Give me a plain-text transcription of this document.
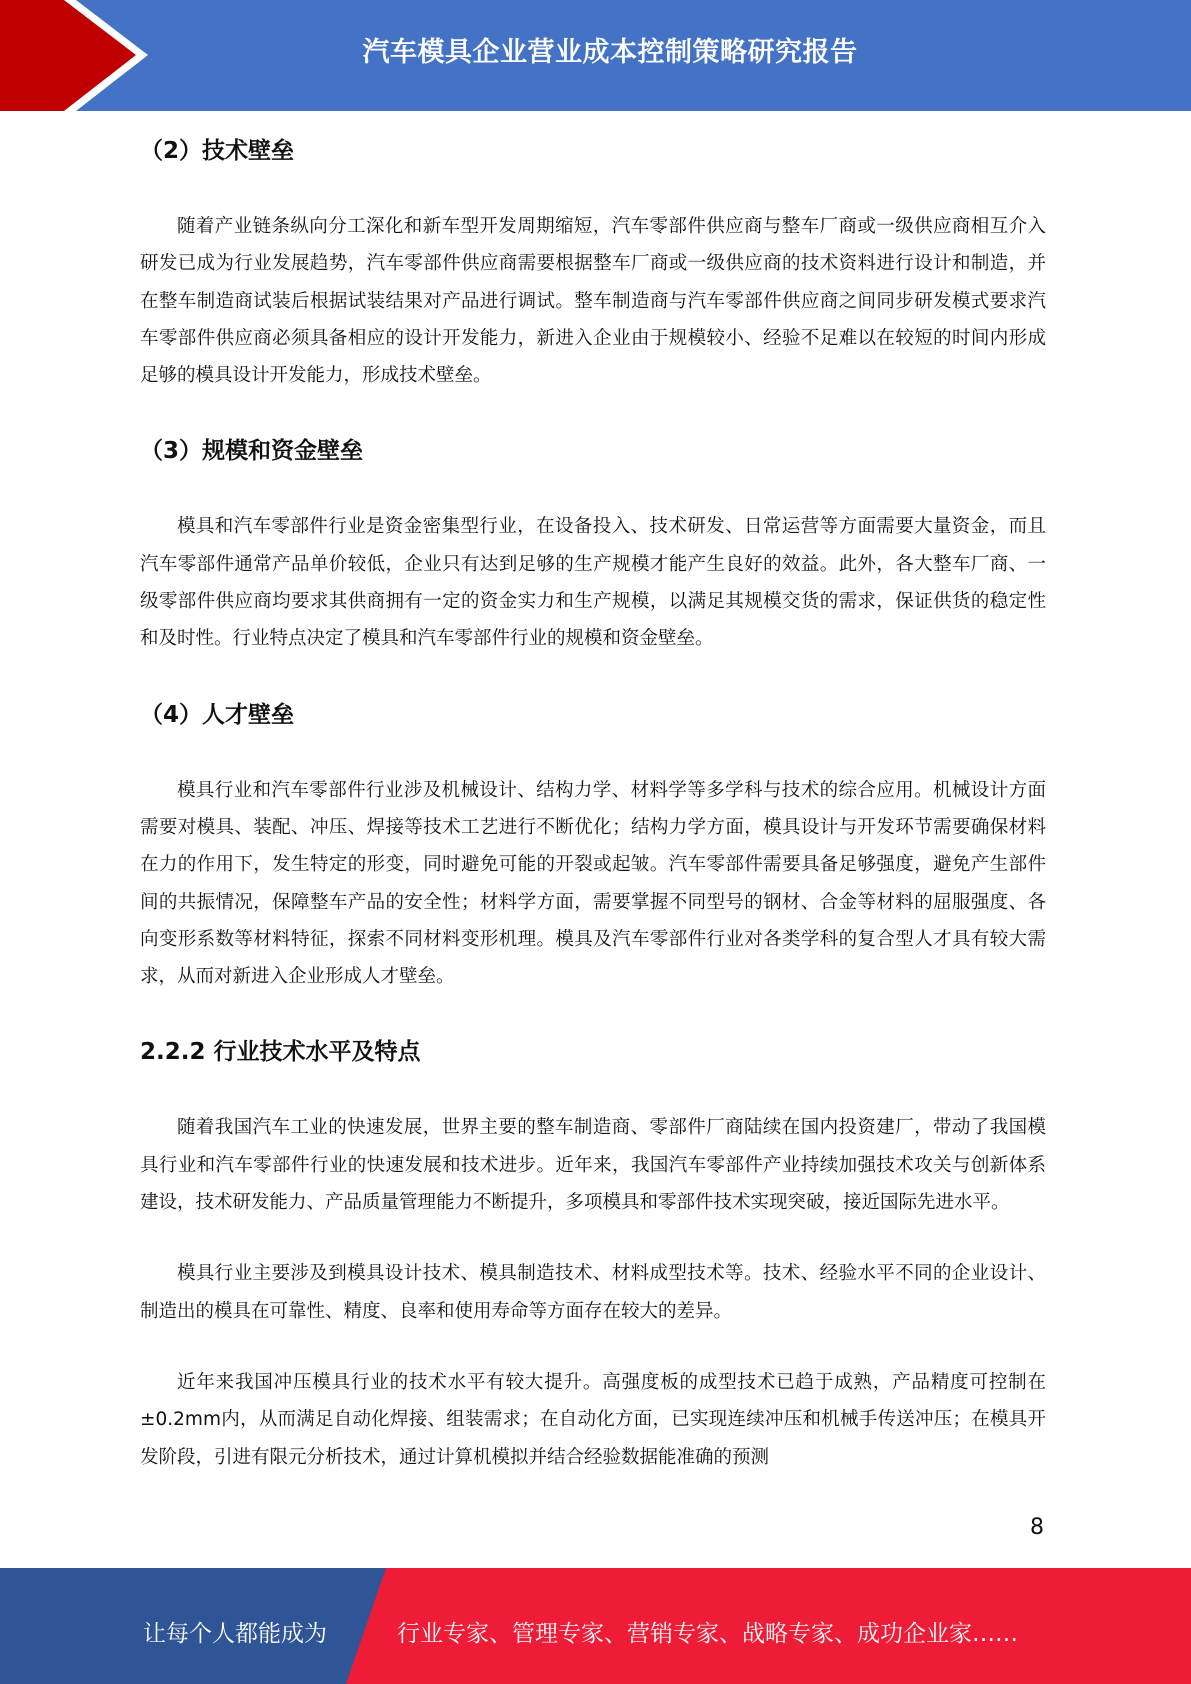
汽车模具企业营业成本控制策略研究报告
（2）技术壁垒

随着产业链条纵向分工深化和新车型开发周期缩短，汽车零部件供应商与整车厂商或一级供应商相互介入研发已成为行业发展趋势，汽车零部件供应商需要根据整车厂商或一级供应商的技术资料进行设计和制造，并在整车制造商试装后根据试装结果对产品进行调试。整车制造商与汽车零部件供应商之间同步研发模式要求汽车零部件供应商必须具备相应的设计开发能力，新进入企业由于规模较小、经验不足难以在较短的时间内形成足够的模具设计开发能力，形成技术壁垒。

（3）规模和资金壁垒

模具和汽车零部件行业是资金密集型行业，在设备投入、技术研发、日常运营等方面需要大量资金，而且汽车零部件通常产品单价较低，企业只有达到足够的生产规模才能产生良好的效益。此外，各大整车厂商、一级零部件供应商均要求其供商拥有一定的资金实力和生产规模，以满足其规模交货的需求，保证供货的稳定性和及时性。行业特点决定了模具和汽车零部件行业的规模和资金壁垒。

（4）人才壁垒

模具行业和汽车零部件行业涉及机械设计、结构力学、材料学等多学科与技术的综合应用。机械设计方面需要对模具、装配、冲压、焊接等技术工艺进行不断优化；结构力学方面，模具设计与开发环节需要确保材料在力的作用下，发生特定的形变，同时避免可能的开裂或起皱。汽车零部件需要具备足够强度，避免产生部件间的共振情况，保障整车产品的安全性；材料学方面，需要掌握不同型号的钢材、合金等材料的屈服强度、各向变形系数等材料特征，探索不同材料变形机理。模具及汽车零部件行业对各类学科的复合型人才具有较大需求，从而对新进入企业形成人才壁垒。

2.2.2 行业技术水平及特点

随着我国汽车工业的快速发展，世界主要的整车制造商、零部件厂商陆续在国内投资建厂，带动了我国模具行业和汽车零部件行业的快速发展和技术进步。近年来，我国汽车零部件产业持续加强技术攻关与创新体系建设，技术研发能力、产品质量管理能力不断提升，多项模具和零部件技术实现突破，接近国际先进水平。

模具行业主要涉及到模具设计技术、模具制造技术、材料成型技术等。技术、经验水平不同的企业设计、制造出的模具在可靠性、精度、良率和使用寿命等方面存在较大的差异。

近年来我国冲压模具行业的技术水平有较大提升。高强度板的成型技术已趋于成熟，产品精度可控制在±0.2mm内，从而满足自动化焊接、组装需求；在自动化方面，已实现连续冲压和机械手传送冲压；在模具开发阶段，引进有限元分析技术，通过计算机模拟并结合经验数据能准确的预测

8
让每个人都能成为	行业专家、管理专家、营销专家、战略专家、成功企业家……
